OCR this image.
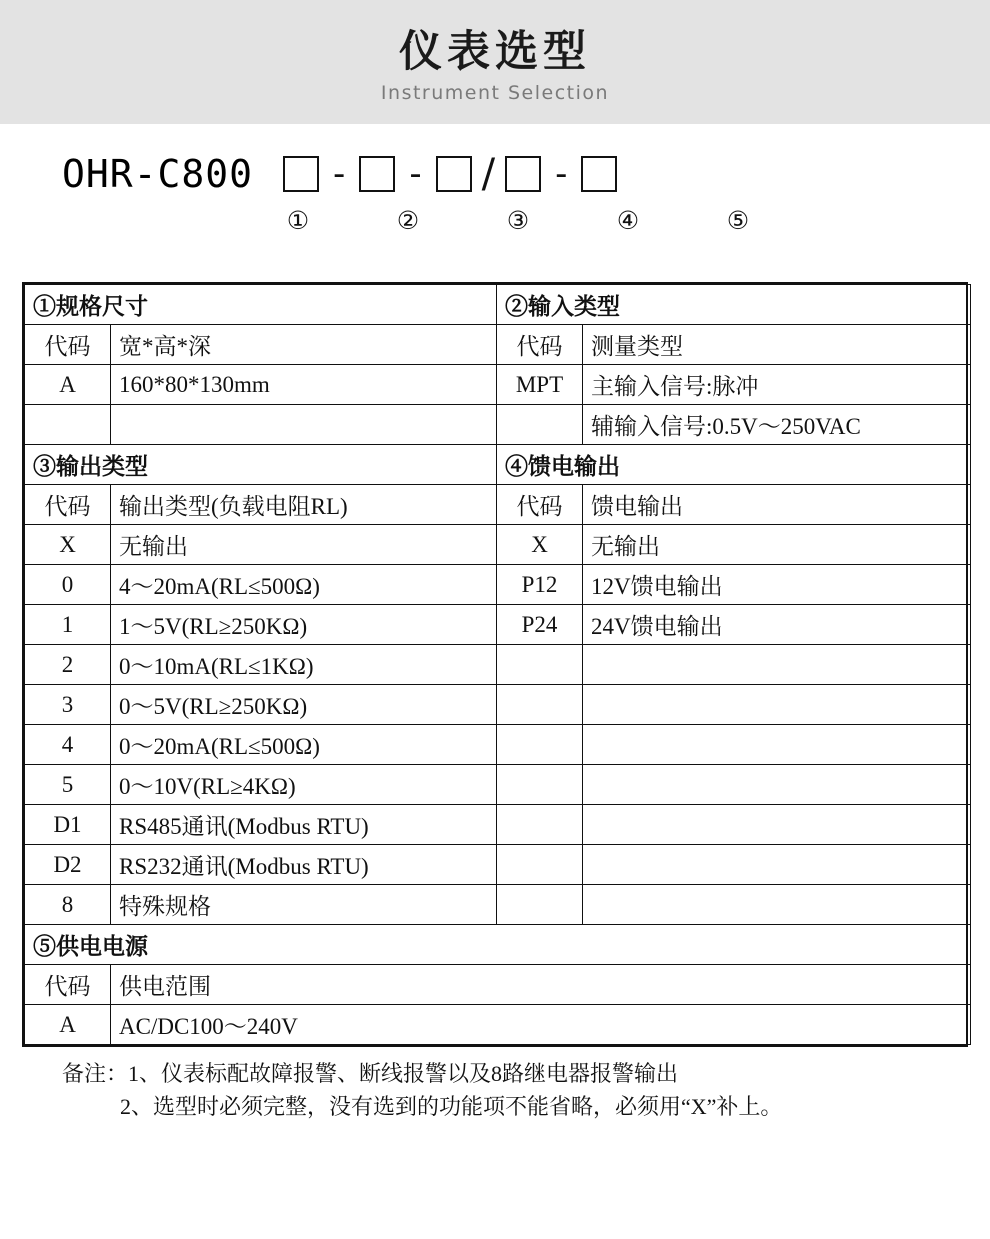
仪表选型
Instrument Selection
OHR-C800 - - / -
①	②	③	④	⑤
①规格尺寸		②输入类型	
代码	宽*高*深	代码	测量类型
A	160*80*130mm	MPT	主输入信号:脉冲
			辅输入信号:0.5V～250VAC
③输出类型		④馈电输出	
代码	输出类型(负载电阻RL)	代码	馈电输出
X	无输出	X	无输出
0	4～20mA(RL≤500Ω)	P12	12V馈电输出
1	1～5V(RL≥250KΩ)	P24	24V馈电输出
2	0～10mA(RL≤1KΩ)		
3	0～5V(RL≥250KΩ)		
4	0～20mA(RL≤500Ω)		
5	0～10V(RL≥4KΩ)		
D1	RS485通讯(Modbus RTU)		
D2	RS232通讯(Modbus RTU)		
8	特殊规格		
⑤供电电源			
代码	供电范围		
A	AC/DC100～240V		
备注：1、仪表标配故障报警、断线报警以及8路继电器报警输出
2、选型时必须完整，没有选到的功能项不能省略，必须用“X”补上。
